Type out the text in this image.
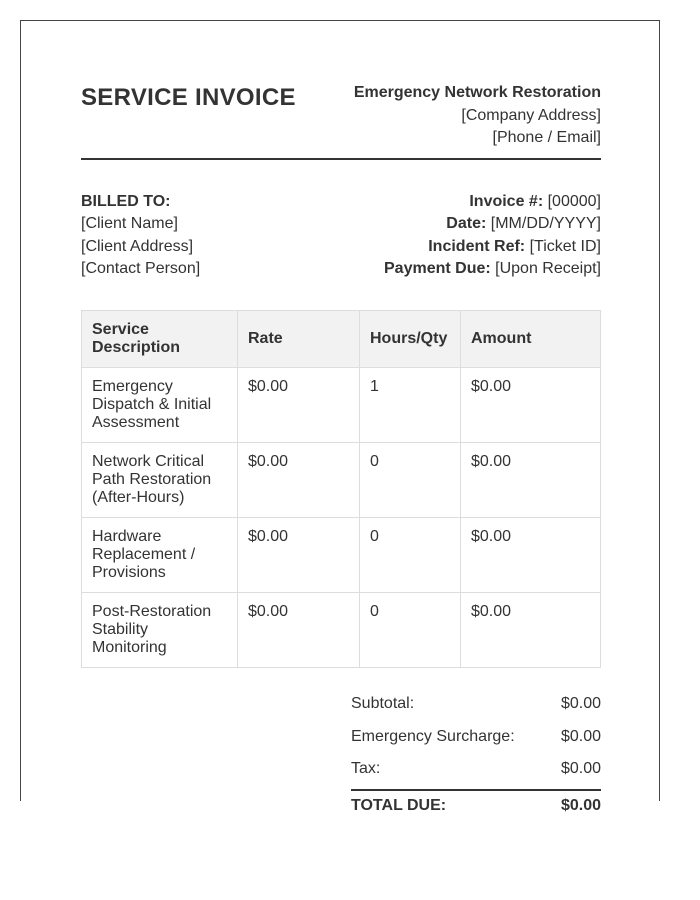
SERVICE INVOICE	Emergency Network Restoration
[Company Address]
[Phone / Email]
BILLED TO:
[Client Name]
[Client Address]
[Contact Person]
Invoice #: [00000]
Date: [MM/DD/YYYY]
Incident Ref: [Ticket ID]
Payment Due: [Upon Receipt]
Service Description	Rate	Hours/Qty	Amount
Emergency Dispatch & Initial Assessment	$0.00	1	$0.00
Network Critical Path Restoration (After-Hours)	$0.00	0	$0.00
Hardware Replacement / Provisions	$0.00	0	$0.00
Post-Restoration Stability Monitoring	$0.00	0	$0.00
Subtotal:	$0.00
Emergency Surcharge:	$0.00
Tax:	$0.00
TOTAL DUE:	$0.00
